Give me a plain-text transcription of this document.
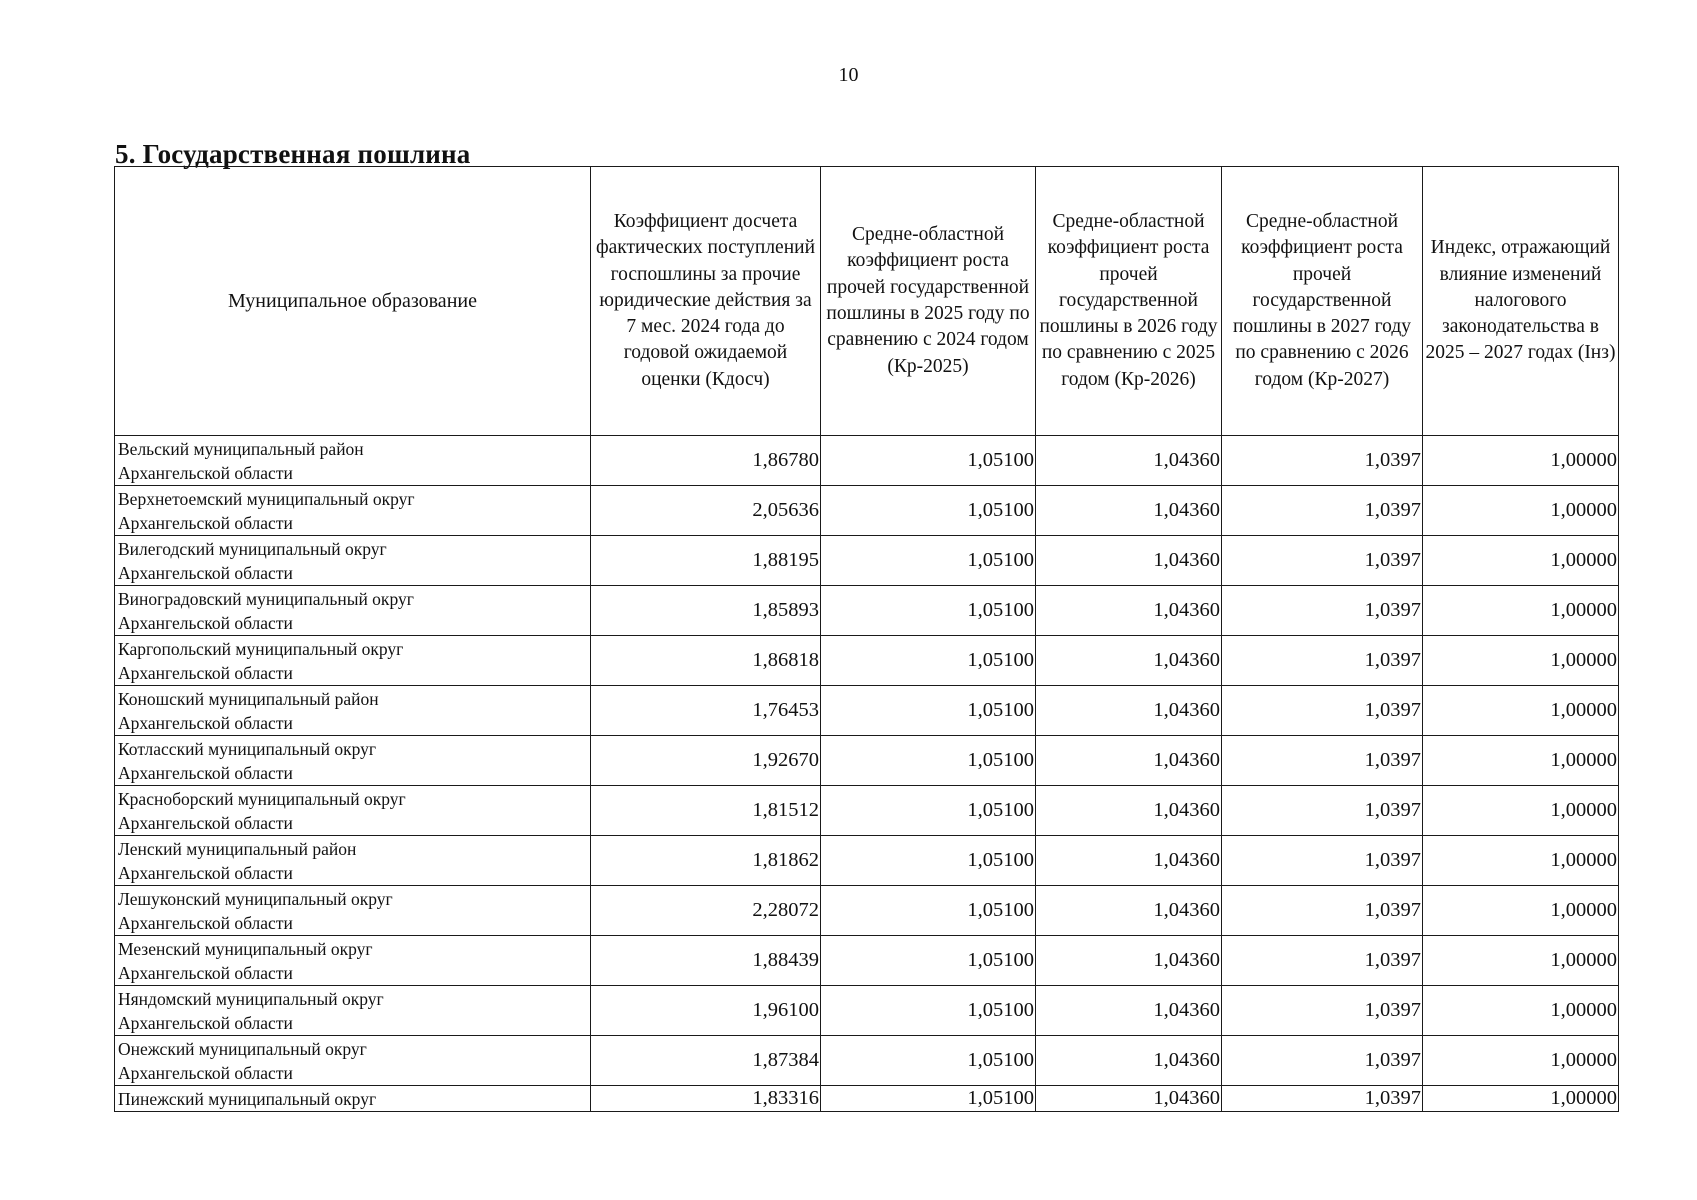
10
5. Государственная пошлина
Муниципальное образование	Коэффициент досчета фактических поступлений госпошлины за прочие юридические действия за 7 мес. 2024 года до годовой ожидаемой оценки (Кдосч)	Средне-областной коэффициент роста прочей государственной пошлины в 2025 году по сравнению с 2024 годом (Кр-2025)	Средне-областной коэффициент роста прочей государственной пошлины в 2026 году по сравнению с 2025 годом (Кр-2026)	Средне-областной коэффициент роста прочей государственной пошлины в 2027 году по сравнению с 2026 годом (Кр-2027)	Индекс, отражающий влияние изменений налогового законодательства в 2025 – 2027 годах (Iнз)

Вельский муниципальный район
Архангельской области	1,86780	1,05100	1,04360	1,0397	1,00000

Верхнетоемский муниципальный округ
Архангельской области	2,05636	1,05100	1,04360	1,0397	1,00000

Вилегодский муниципальный округ
Архангельской области	1,88195	1,05100	1,04360	1,0397	1,00000

Виноградовский муниципальный округ
Архангельской области	1,85893	1,05100	1,04360	1,0397	1,00000

Каргопольский муниципальный округ
Архангельской области	1,86818	1,05100	1,04360	1,0397	1,00000

Коношский муниципальный район
Архангельской области	1,76453	1,05100	1,04360	1,0397	1,00000

Котласский муниципальный округ
Архангельской области	1,92670	1,05100	1,04360	1,0397	1,00000

Красноборский муниципальный округ
Архангельской области	1,81512	1,05100	1,04360	1,0397	1,00000

Ленский муниципальный район
Архангельской области	1,81862	1,05100	1,04360	1,0397	1,00000

Лешуконский муниципальный округ
Архангельской области	2,28072	1,05100	1,04360	1,0397	1,00000

Мезенский муниципальный округ
Архангельской области	1,88439	1,05100	1,04360	1,0397	1,00000

Няндомский муниципальный округ
Архангельской области	1,96100	1,05100	1,04360	1,0397	1,00000

Онежский муниципальный округ
Архангельской области	1,87384	1,05100	1,04360	1,0397	1,00000

Пинежский муниципальный округ	1,83316	1,05100	1,04360	1,0397	1,00000
